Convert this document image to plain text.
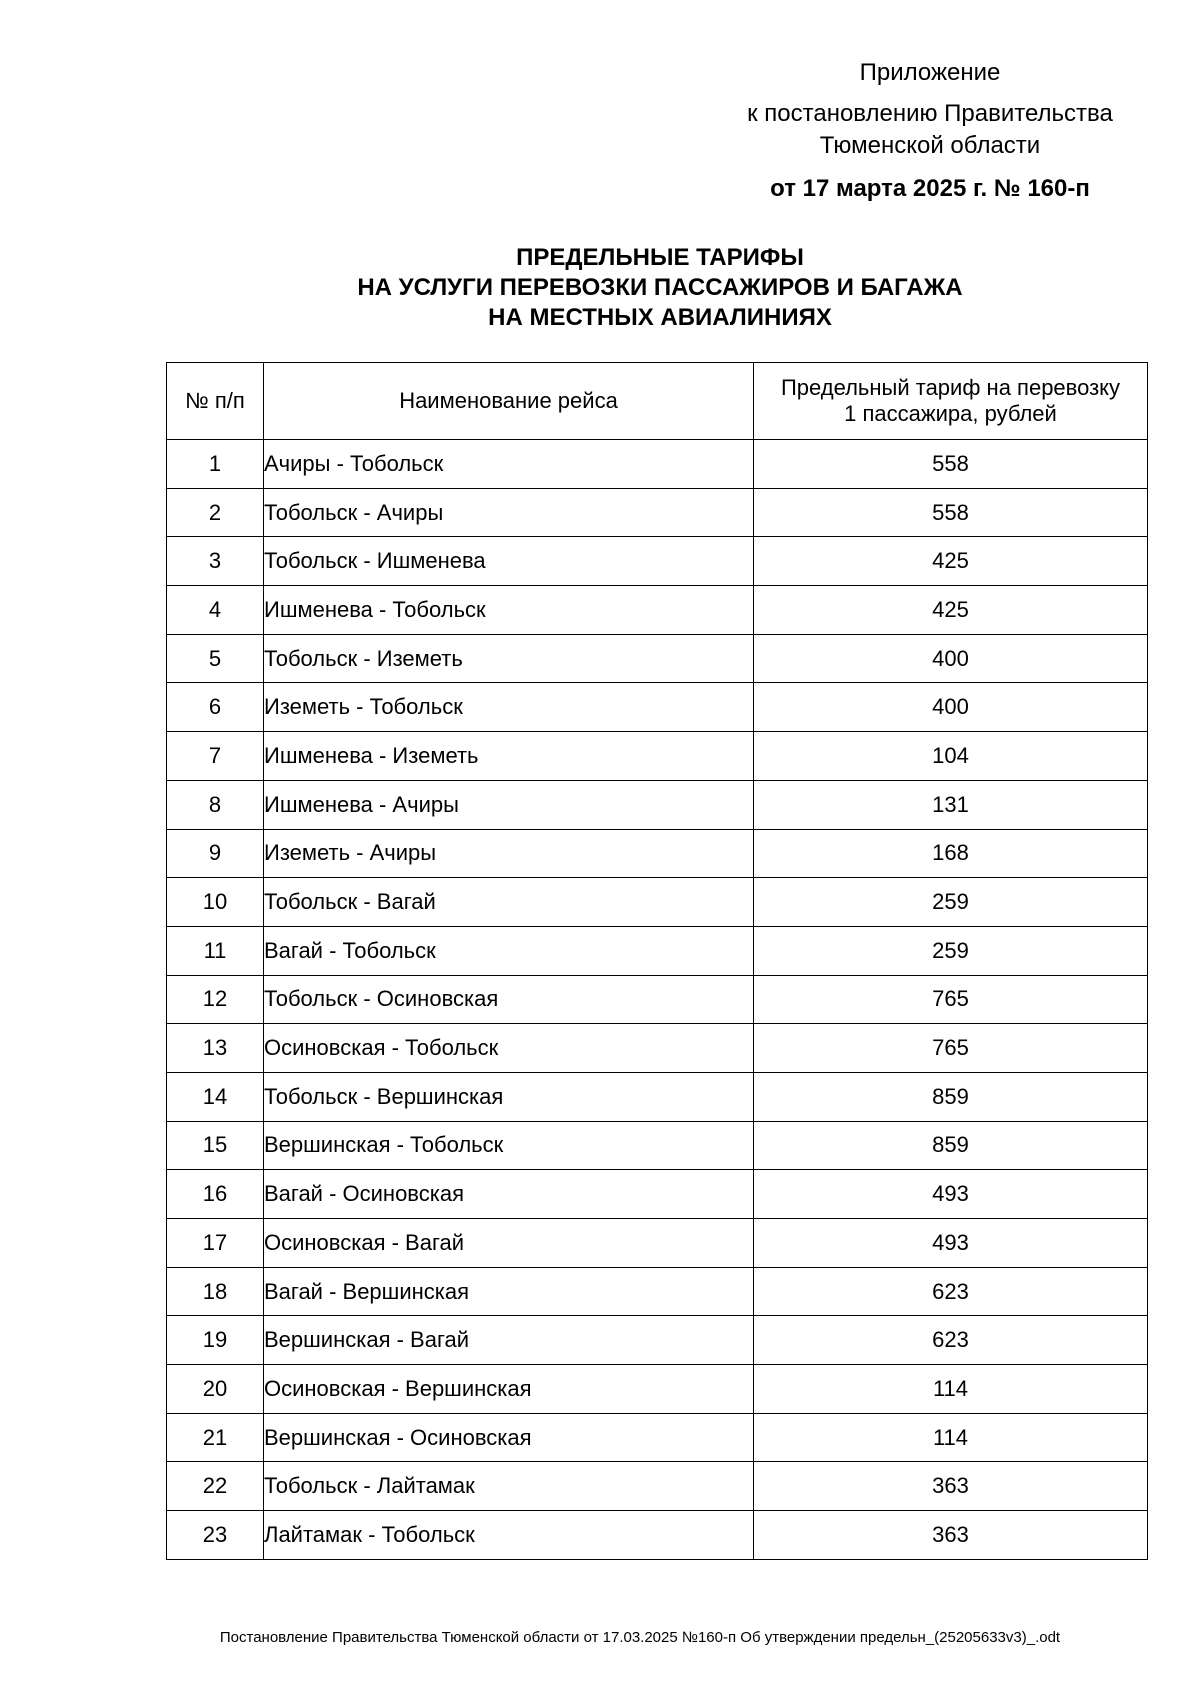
Приложение
к постановлению Правительства
Тюменской области
от 17 марта 2025 г. № 160-п
ПРЕДЕЛЬНЫЕ ТАРИФЫ
НА УСЛУГИ ПЕРЕВОЗКИ ПАССАЖИРОВ И БАГАЖА
НА МЕСТНЫХ АВИАЛИНИЯХ
№ п/п	Наименование рейса	Предельный тариф на перевозку
1 пассажира, рублей

1	Ачиры - Тобольск	558
2	Тобольск - Ачиры	558
3	Тобольск - Ишменева	425
4	Ишменева - Тобольск	425
5	Тобольск - Иземеть	400
6	Иземеть - Тобольск	400
7	Ишменева - Иземеть	104
8	Ишменева - Ачиры	131
9	Иземеть - Ачиры	168
10	Тобольск - Вагай	259
11	Вагай - Тобольск	259
12	Тобольск - Осиновская	765
13	Осиновская - Тобольск	765
14	Тобольск - Вершинская	859
15	Вершинская - Тобольск	859
16	Вагай - Осиновская	493
17	Осиновская - Вагай	493
18	Вагай - Вершинская	623
19	Вершинская - Вагай	623
20	Осиновская - Вершинская	114
21	Вершинская - Осиновская	114
22	Тобольск - Лайтамак	363
23	Лайтамак - Тобольск	363
Постановление Правительства Тюменской области от 17.03.2025 №160-п Об утверждении предельн_(25205633v3)_.odt
